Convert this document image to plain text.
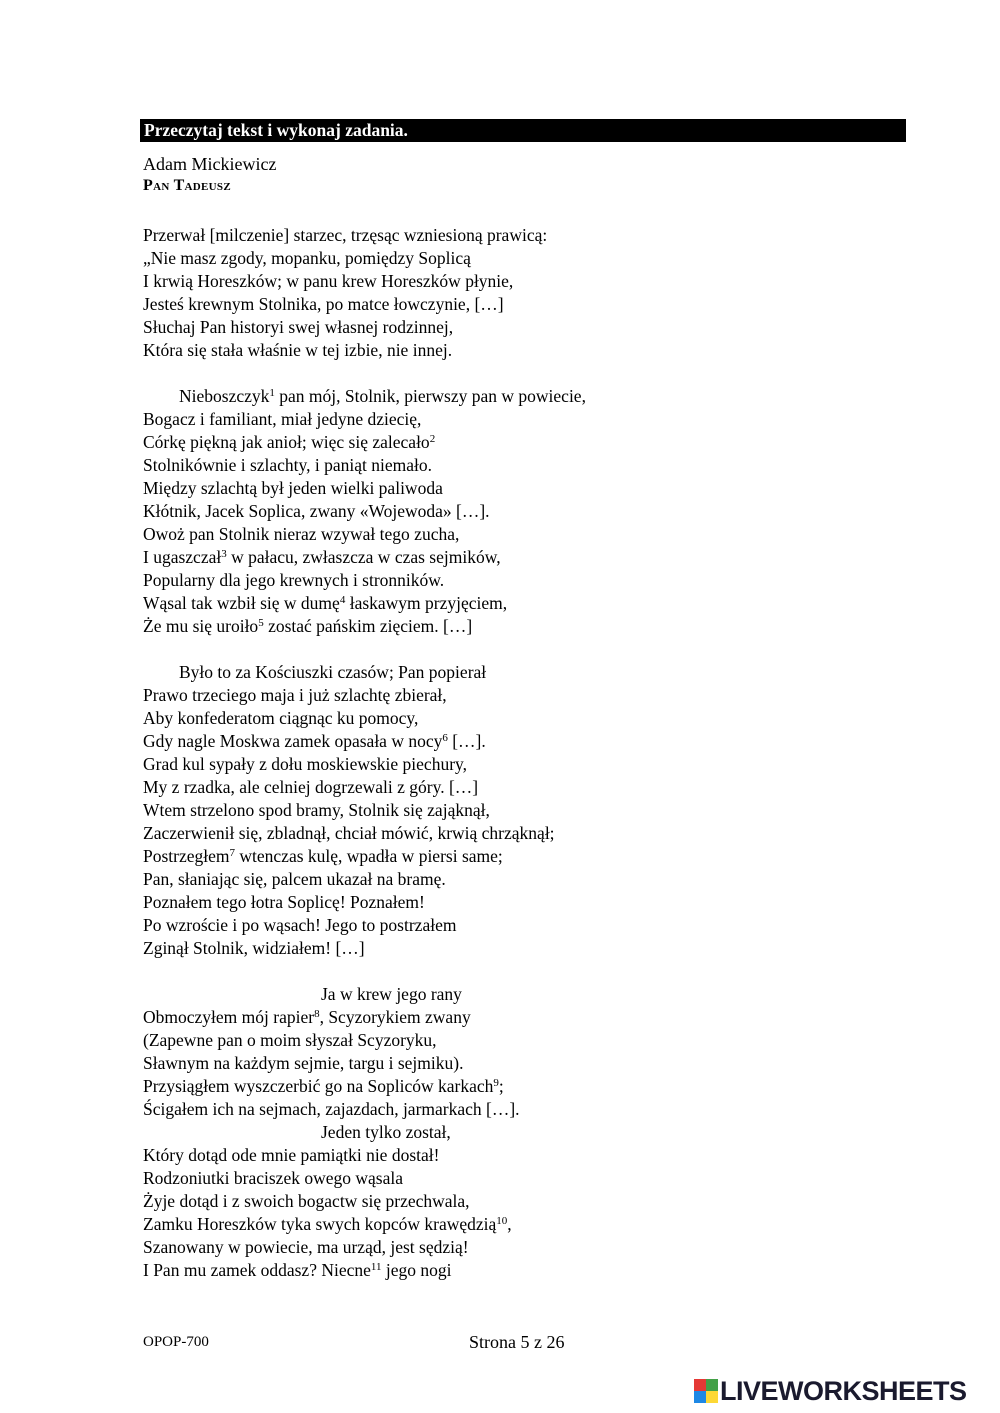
Przeczytaj tekst i wykonaj zadania.
Adam Mickiewicz
Pan Tadeusz
Przerwał [milczenie] starzec, trzęsąc wzniesioną prawicą:
„Nie masz zgody, mopanku, pomiędzy Soplicą
I krwią Horeszków; w panu krew Horeszków płynie,
Jesteś krewnym Stolnika, po matce łowczynie, […]
Słuchaj Pan historyi swej własnej rodzinnej,
Która się stała właśnie w tej izbie, nie innej.
Nieboszczyk$^1$ pan mój, Stolnik, pierwszy pan w powiecie,
Bogacz i familiant, miał jedyne dziecię,
Córkę piękną jak anioł; więc się zalecało$^2$
Stolnikównie i szlachty, i paniąt niemało.
Między szlachtą był jeden wielki paliwoda
Kłótnik, Jacek Soplica, zwany «Wojewoda» […].
Owoż pan Stolnik nieraz wzywał tego zucha,
I ugaszczał$^3$ w pałacu, zwłaszcza w czas sejmików,
Popularny dla jego krewnych i stronników.
Wąsal tak wzbił się w dumę$^4$ łaskawym przyjęciem,
Że mu się uroiło$^5$ zostać pańskim zięciem. […]
Było to za Kościuszki czasów; Pan popierał
Prawo trzeciego maja i już szlachtę zbierał,
Aby konfederatom ciągnąc ku pomocy,
Gdy nagle Moskwa zamek opasała w nocy$^6$ […].
Grad kul sypały z dołu moskiewskie piechury,
My z rzadka, ale celniej dogrzewali z góry. […]
Wtem strzelono spod bramy, Stolnik się zająknął,
Zaczerwienił się, zbladnął, chciał mówić, krwią chrząknął;
Postrzegłem$^7$ wtenczas kulę, wpadła w piersi same;
Pan, słaniając się, palcem ukazał na bramę.
Poznałem tego łotra Soplicę! Poznałem!
Po wzroście i po wąsach! Jego to postrzałem
Zginął Stolnik, widziałem! […]
Ja w krew jego rany
Obmoczyłem mój rapier$^8$, Scyzorykiem zwany
(Zapewne pan o moim słyszał Scyzoryku,
Sławnym na każdym sejmie, targu i sejmiku).
Przysiągłem wyszczerbić go na Sopliców karkach$^9$;
Ścigałem ich na sejmach, zajazdach, jarmarkach […].
Jeden tylko został,
Który dotąd ode mnie pamiątki nie dostał!
Rodzoniutki braciszek owego wąsala
Żyje dotąd i z swoich bogactw się przechwala,
Zamku Horeszków tyka swych kopców krawędzią$^{10}$,
Szanowany w powiecie, ma urząd, jest sędzią!
I Pan mu zamek oddasz? Niecne$^{11}$ jego nogi
OPOP-700	Strona 5 z 26
LIVEWORKSHEETS
